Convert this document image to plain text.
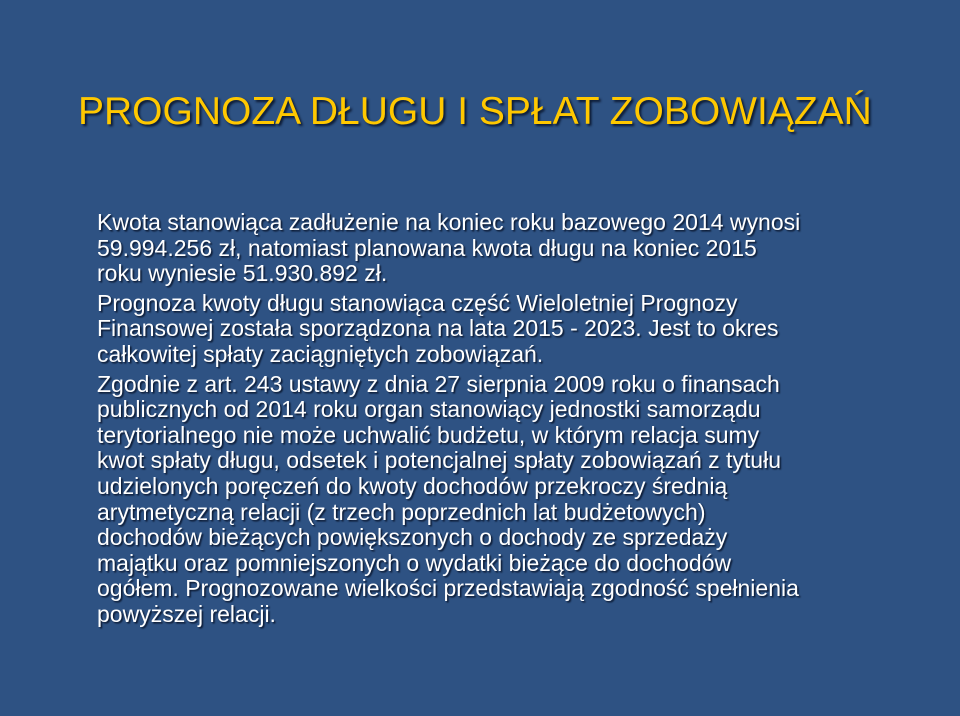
PROGNOZA DŁUGU I SPŁAT ZOBOWIĄZAŃ

Kwota stanowiąca zadłużenie na koniec roku bazowego 2014 wynosi
59.994.256 zł, natomiast planowana kwota długu na koniec 2015
roku wyniesie 51.930.892 zł.

Prognoza kwoty długu stanowiąca część Wieloletniej Prognozy
Finansowej została sporządzona na lata 2015 - 2023. Jest to okres
całkowitej spłaty zaciągniętych zobowiązań.

Zgodnie z art. 243 ustawy z dnia 27 sierpnia 2009 roku o finansach
publicznych od 2014 roku organ stanowiący jednostki samorządu
terytorialnego nie może uchwalić budżetu, w którym relacja sumy
kwot spłaty długu, odsetek i potencjalnej spłaty zobowiązań z tytułu
udzielonych poręczeń do kwoty dochodów przekroczy średnią
arytmetyczną relacji (z trzech poprzednich lat budżetowych)
dochodów bieżących powiększonych o dochody ze sprzedaży
majątku oraz pomniejszonych o wydatki bieżące do dochodów
ogółem. Prognozowane wielkości przedstawiają zgodność spełnienia
powyższej relacji.
